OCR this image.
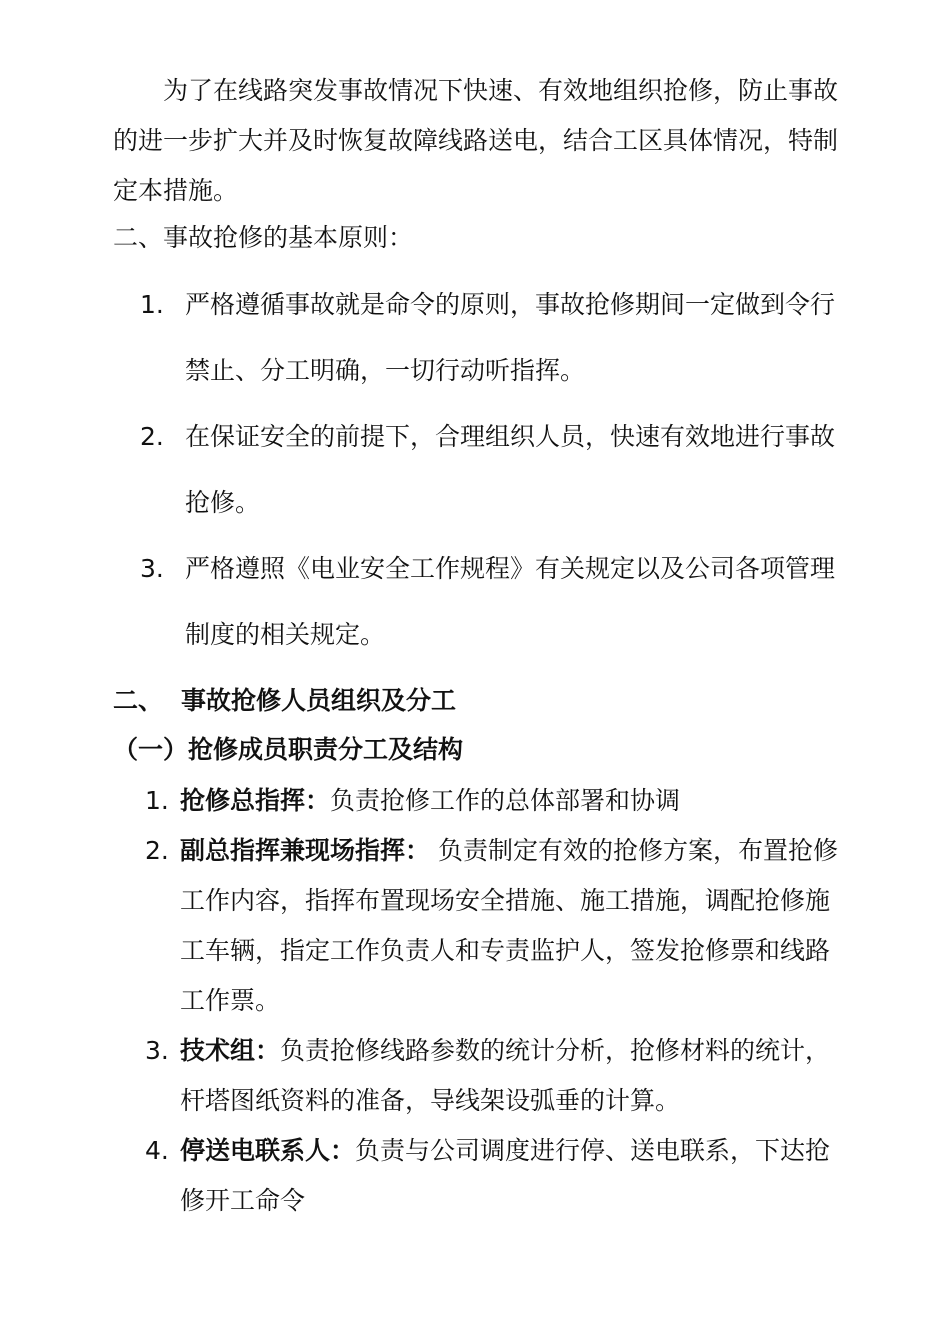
为了在线路突发事故情况下快速、有效地组织抢修，防止事故的进一步扩大并及时恢复故障线路送电，结合工区具体情况，特制定本措施。

二、事故抢修的基本原则：

1. 严格遵循事故就是命令的原则，事故抢修期间一定做到令行禁止、分工明确，一切行动听指挥。
2. 在保证安全的前提下，合理组织人员，快速有效地进行事故抢修。
3. 严格遵照《电业安全工作规程》有关规定以及公司各项管理制度的相关规定。
二、 事故抢修人员组织及分工
（一）抢修成员职责分工及结构
1. 抢修总指挥：负责抢修工作的总体部署和协调
2. 副总指挥兼现场指挥： 负责制定有效的抢修方案，布置抢修工作内容，指挥布置现场安全措施、施工措施，调配抢修施工车辆，指定工作负责人和专责监护人，签发抢修票和线路工作票。
3. 技术组：负责抢修线路参数的统计分析，抢修材料的统计，杆塔图纸资料的准备，导线架设弧垂的计算。
4. 停送电联系人：负责与公司调度进行停、送电联系，下达抢修开工命令
